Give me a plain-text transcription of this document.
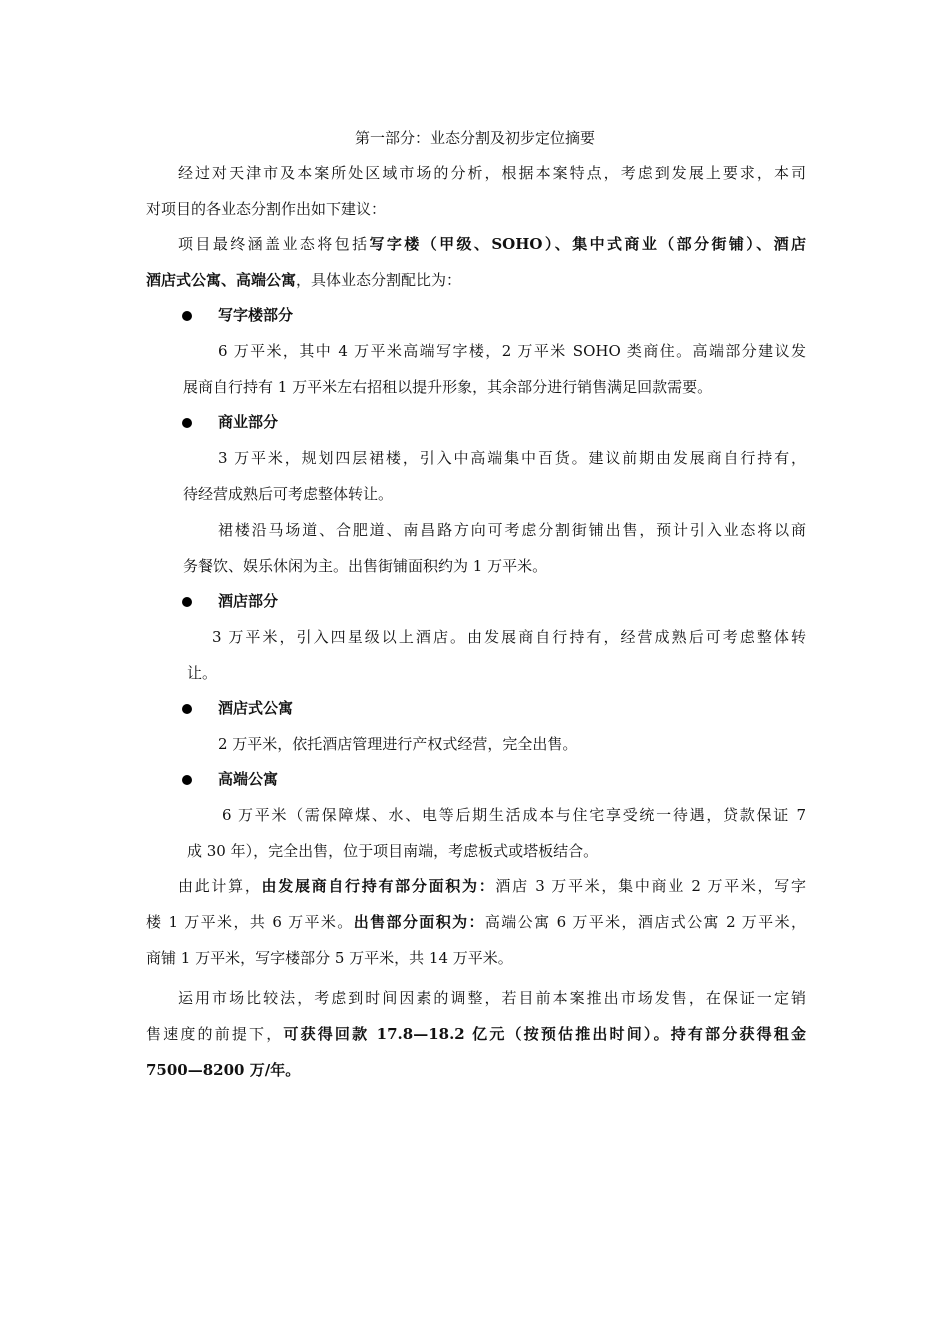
第一部分：业态分割及初步定位摘要
经过对天津市及本案所处区域市场的分析，根据本案特点，考虑到发展上要求，本司
对项目的各业态分割作出如下建议：
项目最终涵盖业态将包括写字楼（甲级、SOHO）、集中式商业（部分街铺）、酒店
酒店式公寓、高端公寓，具体业态分割配比为：
写字楼部分
6 万平米，其中 4 万平米高端写字楼，2 万平米 SOHO 类商住。高端部分建议发
展商自行持有 1 万平米左右招租以提升形象，其余部分进行销售满足回款需要。
商业部分
3 万平米，规划四层裙楼，引入中高端集中百货。建议前期由发展商自行持有，
待经营成熟后可考虑整体转让。
裙楼沿马场道、合肥道、南昌路方向可考虑分割街铺出售，预计引入业态将以商
务餐饮、娱乐休闲为主。出售街铺面积约为 1 万平米。
酒店部分
3 万平米，引入四星级以上酒店。由发展商自行持有，经营成熟后可考虑整体转
让。
酒店式公寓
2 万平米，依托酒店管理进行产权式经营，完全出售。
高端公寓
6 万平米（需保障煤、水、电等后期生活成本与住宅享受统一待遇，贷款保证 7
成 30 年），完全出售，位于项目南端，考虑板式或塔板结合。
由此计算，由发展商自行持有部分面积为：酒店 3 万平米，集中商业 2 万平米，写字
楼 1 万平米，共 6 万平米。出售部分面积为：高端公寓 6 万平米，酒店式公寓 2 万平米，
商铺 1 万平米，写字楼部分 5 万平米，共 14 万平米。
运用市场比较法，考虑到时间因素的调整，若目前本案推出市场发售，在保证一定销
售速度的前提下，可获得回款 17.8—18.2 亿元（按预估推出时间）。持有部分获得租金
7500—8200 万/年。
